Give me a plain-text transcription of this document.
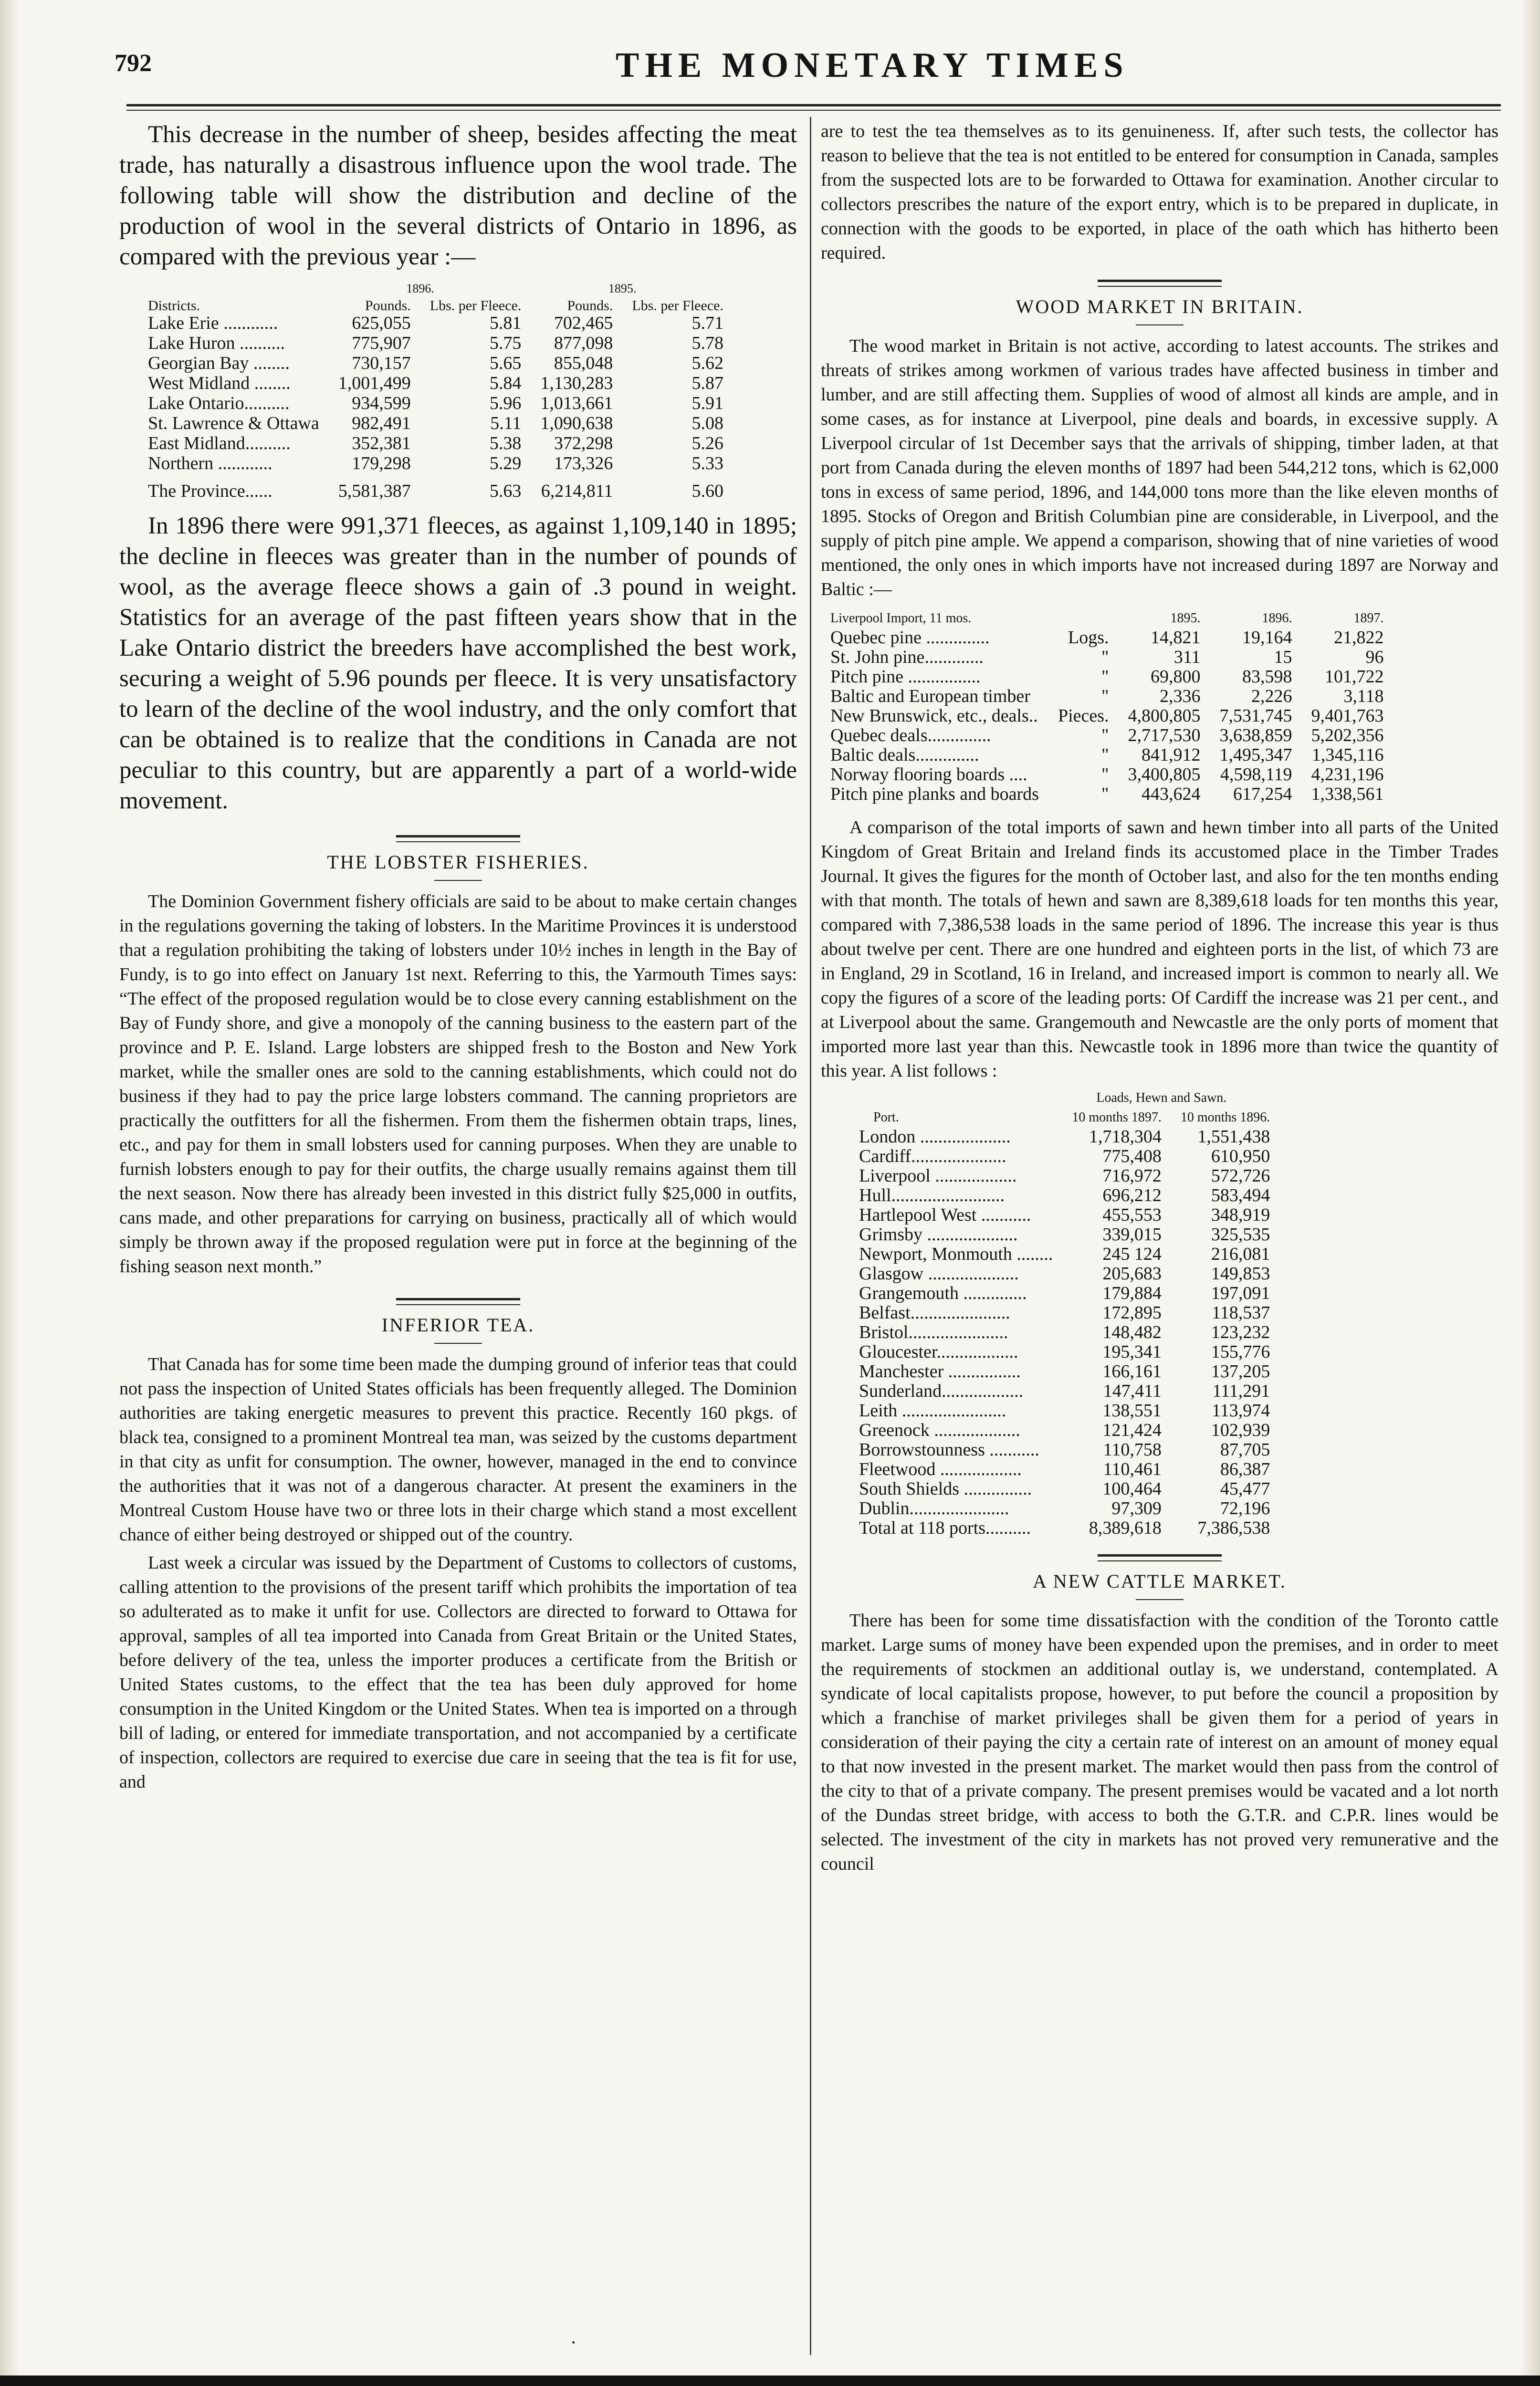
792	THE MONETARY TIMES

This decrease in the number of sheep, besides affecting the meat trade, has naturally a disastrous influence upon the wool trade. The following table will show the distribution and decline of the production of wool in the several districts of Ontario in 1896, as compared with the previous year :—

	1896.		1895.	
Districts.	Pounds.	Lbs. per Fleece.	Pounds.	Lbs. per Fleece.
Lake Erie ............	625,055	5.81	702,465	5.71
Lake Huron ..........	775,907	5.75	877,098	5.78
Georgian Bay ........	730,157	5.65	855,048	5.62
West Midland ........	1,001,499	5.84	1,130,283	5.87
Lake Ontario..........	934,599	5.96	1,013,661	5.91
St. Lawrence & Ottawa	982,491	5.11	1,090,638	5.08
East Midland..........	352,381	5.38	372,298	5.26
Northern ............	179,298	5.29	173,326	5.33
The Province......	5,581,387	5.63	6,214,811	5.60

In 1896 there were 991,371 fleeces, as against 1,109,140 in 1895; the decline in fleeces was greater than in the number of pounds of wool, as the average fleece shows a gain of .3 pound in weight. Statistics for an average of the past fifteen years show that in the Lake Ontario district the breeders have accomplished the best work, securing a weight of 5.96 pounds per fleece. It is very unsatisfactory to learn of the decline of the wool industry, and the only comfort that can be obtained is to realize that the conditions in Canada are not peculiar to this country, but are apparently a part of a world-wide movement.

THE LOBSTER FISHERIES.

The Dominion Government fishery officials are said to be about to make certain changes in the regulations governing the taking of lobsters. In the Maritime Provinces it is understood that a regulation prohibiting the taking of lobsters under 10½ inches in length in the Bay of Fundy, is to go into effect on January 1st next. Referring to this, the Yarmouth Times says: “The effect of the proposed regulation would be to close every canning establishment on the Bay of Fundy shore, and give a monopoly of the canning business to the eastern part of the province and P. E. Island. Large lobsters are shipped fresh to the Boston and New York market, while the smaller ones are sold to the canning establishments, which could not do business if they had to pay the price large lobsters command. The canning proprietors are practically the outfitters for all the fishermen. From them the fishermen obtain traps, lines, etc., and pay for them in small lobsters used for canning purposes. When they are unable to furnish lobsters enough to pay for their outfits, the charge usually remains against them till the next season. Now there has already been invested in this district fully $25,000 in outfits, cans made, and other preparations for carrying on business, practically all of which would simply be thrown away if the proposed regulation were put in force at the beginning of the fishing season next month.”

INFERIOR TEA.

That Canada has for some time been made the dumping ground of inferior teas that could not pass the inspection of United States officials has been frequently alleged. The Dominion authorities are taking energetic measures to prevent this practice. Recently 160 pkgs. of black tea, consigned to a prominent Montreal tea man, was seized by the customs department in that city as unfit for consumption. The owner, however, managed in the end to convince the authorities that it was not of a dangerous character. At present the examiners in the Montreal Custom House have two or three lots in their charge which stand a most excellent chance of either being destroyed or shipped out of the country.

Last week a circular was issued by the Department of Customs to collectors of customs, calling attention to the provisions of the present tariff which prohibits the importation of tea so adulterated as to make it unfit for use. Collectors are directed to forward to Ottawa for approval, samples of all tea imported into Canada from Great Britain or the United States, before delivery of the tea, unless the importer produces a certificate from the British or United States customs, to the effect that the tea has been duly approved for home consumption in the United Kingdom or the United States. When tea is imported on a through bill of lading, or entered for immediate transportation, and not accompanied by a certificate of inspection, collectors are required to exercise due care in seeing that the tea is fit for use, and

are to test the tea themselves as to its genuineness. If, after such tests, the collector has reason to believe that the tea is not entitled to be entered for consumption in Canada, samples from the suspected lots are to be forwarded to Ottawa for examination. Another circular to collectors prescribes the nature of the export entry, which is to be prepared in duplicate, in connection with the goods to be exported, in place of the oath which has hitherto been required.

WOOD MARKET IN BRITAIN.

The wood market in Britain is not active, according to latest accounts. The strikes and threats of strikes among workmen of various trades have affected business in timber and lumber, and are still affecting them. Supplies of wood of almost all kinds are ample, and in some cases, as for instance at Liverpool, pine deals and boards, in excessive supply. A Liverpool circular of 1st December says that the arrivals of shipping, timber laden, at that port from Canada during the eleven months of 1897 had been 544,212 tons, which is 62,000 tons in excess of same period, 1896, and 144,000 tons more than the like eleven months of 1895. Stocks of Oregon and British Columbian pine are considerable, in Liverpool, and the supply of pitch pine ample. We append a comparison, showing that of nine varieties of wood mentioned, the only ones in which imports have not increased during 1897 are Norway and Baltic :—

Liverpool Import, 11 mos.		1895.	1896.	1897.
Quebec pine ..............	Logs.	14,821	19,164	21,822
St. John pine.............	"	311	15	96
Pitch pine ................	"	69,800	83,598	101,722
Baltic and European timber	"	2,336	2,226	3,118
New Brunswick, etc., deals..	Pieces.	4,800,805	7,531,745	9,401,763
Quebec deals..............	"	2,717,530	3,638,859	5,202,356
Baltic deals..............	"	841,912	1,495,347	1,345,116
Norway flooring boards ....	"	3,400,805	4,598,119	4,231,196
Pitch pine planks and boards	"	443,624	617,254	1,338,561

A comparison of the total imports of sawn and hewn timber into all parts of the United Kingdom of Great Britain and Ireland finds its accustomed place in the Timber Trades Journal. It gives the figures for the month of October last, and also for the ten months ending with that month. The totals of hewn and sawn are 8,389,618 loads for ten months this year, compared with 7,386,538 loads in the same period of 1896. The increase this year is thus about twelve per cent. There are one hundred and eighteen ports in the list, of which 73 are in England, 29 in Scotland, 16 in Ireland, and increased import is common to nearly all. We copy the figures of a score of the leading ports: Of Cardiff the increase was 21 per cent., and at Liverpool about the same. Grangemouth and Newcastle are the only ports of moment that imported more last year than this. Newcastle took in 1896 more than twice the quantity of this year. A list follows :

	Loads, Hewn and Sawn.	
Port.	10 months 1897.	10 months 1896.
London ....................	1,718,304	1,551,438
Cardiff.....................	775,408	610,950
Liverpool ..................	716,972	572,726
Hull.........................	696,212	583,494
Hartlepool West ...........	455,553	348,919
Grimsby ....................	339,015	325,535
Newport, Monmouth ........	245 124	216,081
Glasgow ....................	205,683	149,853
Grangemouth ..............	179,884	197,091
Belfast......................	172,895	118,537
Bristol......................	148,482	123,232
Gloucester..................	195,341	155,776
Manchester ................	166,161	137,205
Sunderland..................	147,411	111,291
Leith .......................	138,551	113,974
Greenock ...................	121,424	102,939
Borrowstounness ...........	110,758	87,705
Fleetwood ..................	110,461	86,387
South Shields ...............	100,464	45,477
Dublin......................	97,309	72,196
Total at 118 ports..........	8,389,618	7,386,538
A NEW CATTLE MARKET.

There has been for some time dissatisfaction with the condition of the Toronto cattle market. Large sums of money have been expended upon the premises, and in order to meet the requirements of stockmen an additional outlay is, we understand, contemplated. A syndicate of local capitalists propose, however, to put before the council a proposition by which a franchise of market privileges shall be given them for a period of years in consideration of their paying the city a certain rate of interest on an amount of money equal to that now invested in the present market. The market would then pass from the control of the city to that of a private company. The present premises would be vacated and a lot north of the Dundas street bridge, with access to both the G.T.R. and C.P.R. lines would be selected. The investment of the city in markets has not proved very remunerative and the council

·
